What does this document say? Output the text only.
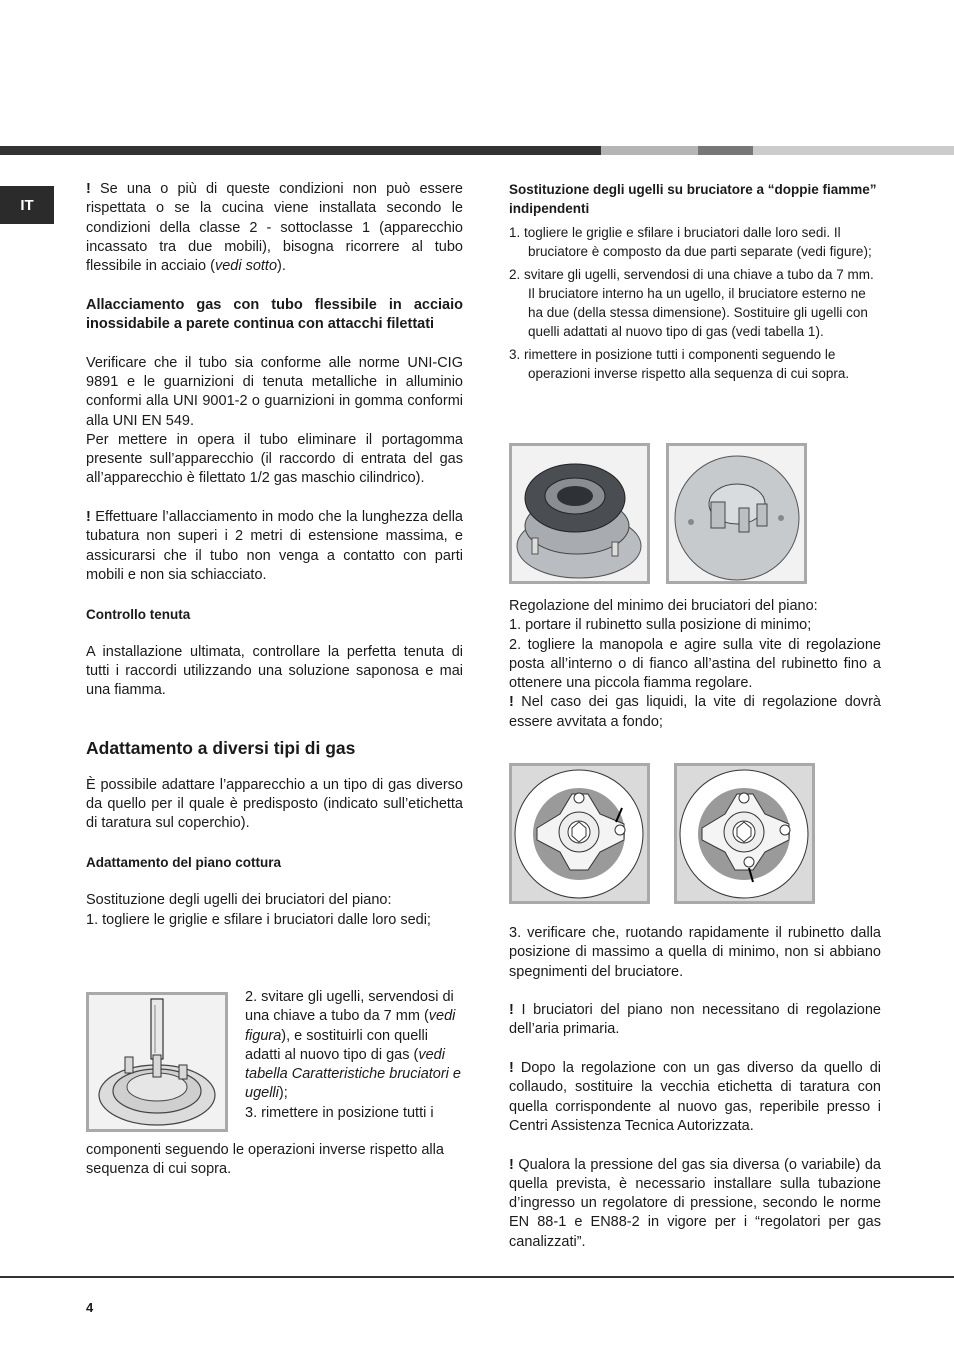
IT

! Se una o più di queste condizioni non può essere rispettata o se la cucina viene installata secondo le condizioni della classe 2 - sottoclasse 1 (apparecchio incassato tra due mobili), bisogna ricorrere al tubo flessibile in acciaio (vedi sotto).

Allacciamento gas con tubo flessibile in acciaio inossidabile a parete continua con attacchi filettati

Verificare che il tubo sia conforme alle norme UNI-CIG 9891 e le guarnizioni di tenuta metalliche in alluminio conformi alla UNI 9001-2 o guarnizioni in gomma conformi alla UNI EN 549.

Per mettere in opera il tubo eliminare il portagomma presente sull’apparecchio (il raccordo di entrata del gas all’apparecchio è filettato 1/2 gas maschio cilindrico).

! Effettuare l’allacciamento in modo che la lunghezza della tubatura non superi i 2 metri di estensione massima, e assicurarsi che il tubo non venga a contatto con parti mobili e non sia schiacciato.

Controllo tenuta

A installazione ultimata, controllare la perfetta tenuta di tutti i raccordi utilizzando una soluzione saponosa e mai una fiamma.

Adattamento a diversi tipi di gas

È possibile adattare l’apparecchio a un tipo di gas diverso da quello per il quale è predisposto (indicato sull’etichetta di taratura sul coperchio).

Adattamento del piano cottura

Sostituzione degli ugelli dei bruciatori del piano:

1. togliere le griglie e sfilare i bruciatori dalle loro sedi;

2. svitare gli ugelli, servendosi di una chiave a tubo da 7 mm (vedi figura), e sostituirli con quelli adatti al nuovo tipo di gas (vedi tabella Caratteristiche bruciatori e ugelli);
3. rimettere in posizione tutti i

componenti seguendo le operazioni inverse rispetto alla sequenza di cui sopra.

Sostituzione degli ugelli su bruciatore a “doppie fiamme” indipendenti

1. togliere le griglie e sfilare i bruciatori dalle loro sedi. Il bruciatore è composto da due parti separate (vedi figure);
2. svitare gli ugelli, servendosi di una chiave a tubo da 7 mm. Il bruciatore interno ha un ugello, il bruciatore esterno ne ha due (della stessa dimensione). Sostituire gli ugelli con quelli adattati al nuovo tipo di gas (vedi tabella 1).
3. rimettere in posizione tutti i componenti seguendo le operazioni inverse rispetto alla sequenza di cui sopra.

Regolazione del minimo dei bruciatori del piano:

1. portare il rubinetto sulla posizione di minimo;

2. togliere la manopola e agire sulla vite di regolazione posta all’interno o di fianco all’astina del rubinetto fino a ottenere una piccola fiamma regolare.

! Nel caso dei gas liquidi, la vite di regolazione dovrà essere avvitata a fondo;

3. verificare che, ruotando rapidamente il rubinetto dalla posizione di massimo a quella di minimo, non si abbiano spegnimenti del bruciatore.

! I bruciatori del piano non necessitano di regolazione dell’aria primaria.

! Dopo la regolazione con un gas diverso da quello di collaudo, sostituire la vecchia etichetta di taratura con quella corrispondente al nuovo gas, reperibile presso i Centri Assistenza Tecnica Autorizzata.

! Qualora la pressione del gas sia diversa (o variabile) da quella prevista, è necessario installare sulla tubazione d’ingresso un regolatore di pressione, secondo le norme EN 88-1 e EN88-2 in vigore per i “regolatori per gas canalizzati”.

4
